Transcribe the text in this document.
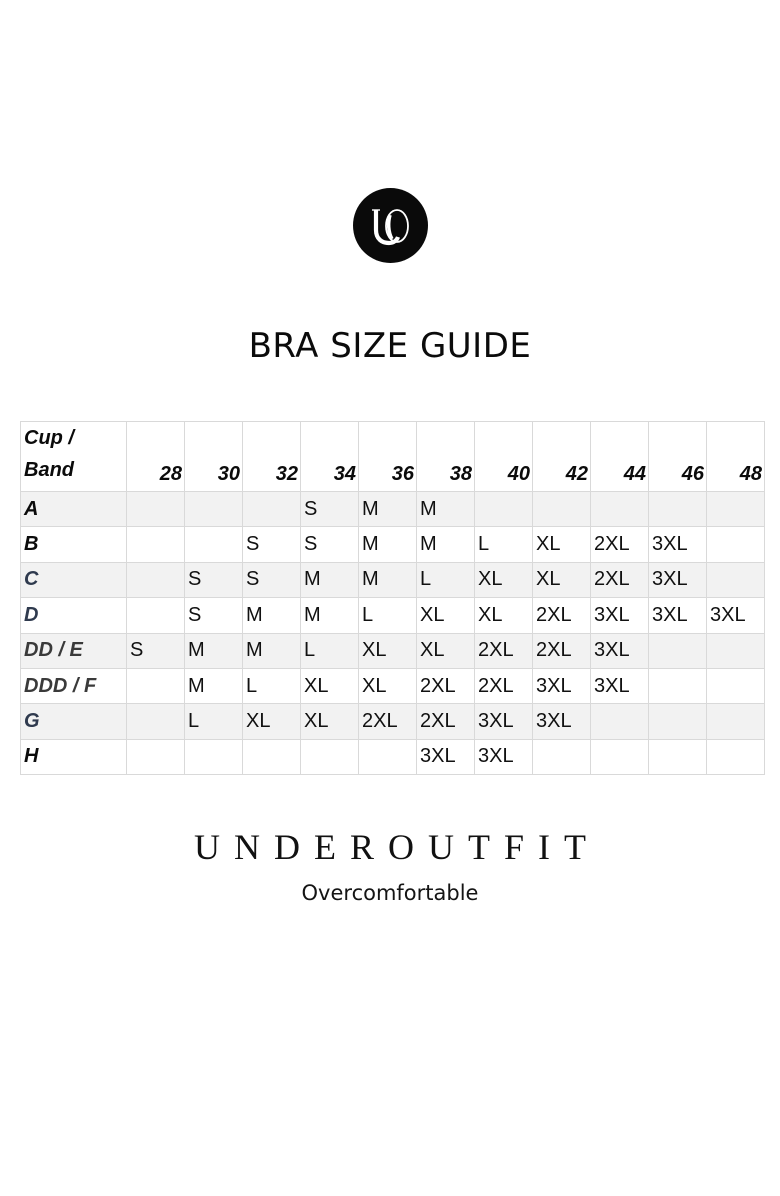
BRA SIZE GUIDE
Cup /
Band	28	30	32	34	36	38	40	42	44	46	48
A				S	M	M					
B			S	S	M	M	L	XL	2XL	3XL	
C		S	S	M	M	L	XL	XL	2XL	3XL	
D		S	M	M	L	XL	XL	2XL	3XL	3XL	3XL
DD / E	S	M	M	L	XL	XL	2XL	2XL	3XL		
DDD / F		M	L	XL	XL	2XL	2XL	3XL	3XL		
G		L	XL	XL	2XL	2XL	3XL	3XL			
H						3XL	3XL				
UNDEROUTFIT
Overcomfortable
